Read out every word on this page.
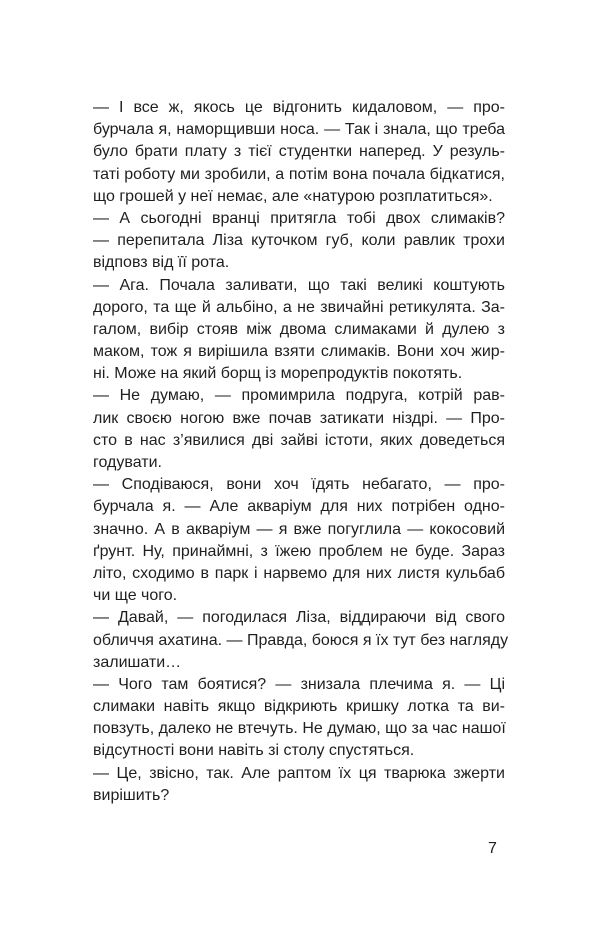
— І все ж, якось це відгонить кидаловом, — про-
бурчала я, наморщивши носа. — Так і знала, що треба
було брати плату з тієї студентки наперед. У резуль-
таті роботу ми зробили, а потім вона почала бідкатися,
що грошей у неї немає, але «натурою розплатиться».
— А сьогодні вранці притягла тобі двох слимаків?
— перепитала Ліза куточком губ, коли равлик трохи
відповз від її рота.
— Ага. Почала заливати, що такі великі коштують
дорого, та ще й альбіно, а не звичайні ретикулята. За-
галом, вибір стояв між двома слимаками й дулею з
маком, тож я вирішила взяти слимаків. Вони хоч жир-
ні. Може на який борщ із морепродуктів покотять.
— Не думаю, — промимрила подруга, котрій рав-
лик своєю ногою вже почав затикати ніздрі. — Про-
сто в нас з’явилися дві зайві істоти, яких доведеться
годувати.
— Сподіваюся, вони хоч їдять небагато, — про-
бурчала я. — Але акваріум для них потрібен одно-
значно. А в акваріум — я вже погуглила — кокосовий
ґрунт. Ну, принаймні, з їжею проблем не буде. Зараз
літо, сходимо в парк і нарвемо для них листя кульбаб
чи ще чого.
— Давай, — погодилася Ліза, віддираючи від свого
обличчя ахатина. — Правда, боюся я їх тут без нагляду
залишати…
— Чого там боятися? — знизала плечима я. — Ці
слимаки навіть якщо відкриють кришку лотка та ви-
повзуть, далеко не втечуть. Не думаю, що за час нашої
відсутності вони навіть зі столу спустяться.
— Це, звісно, так. Але раптом їх ця тварюка зжерти
вирішить?
7
